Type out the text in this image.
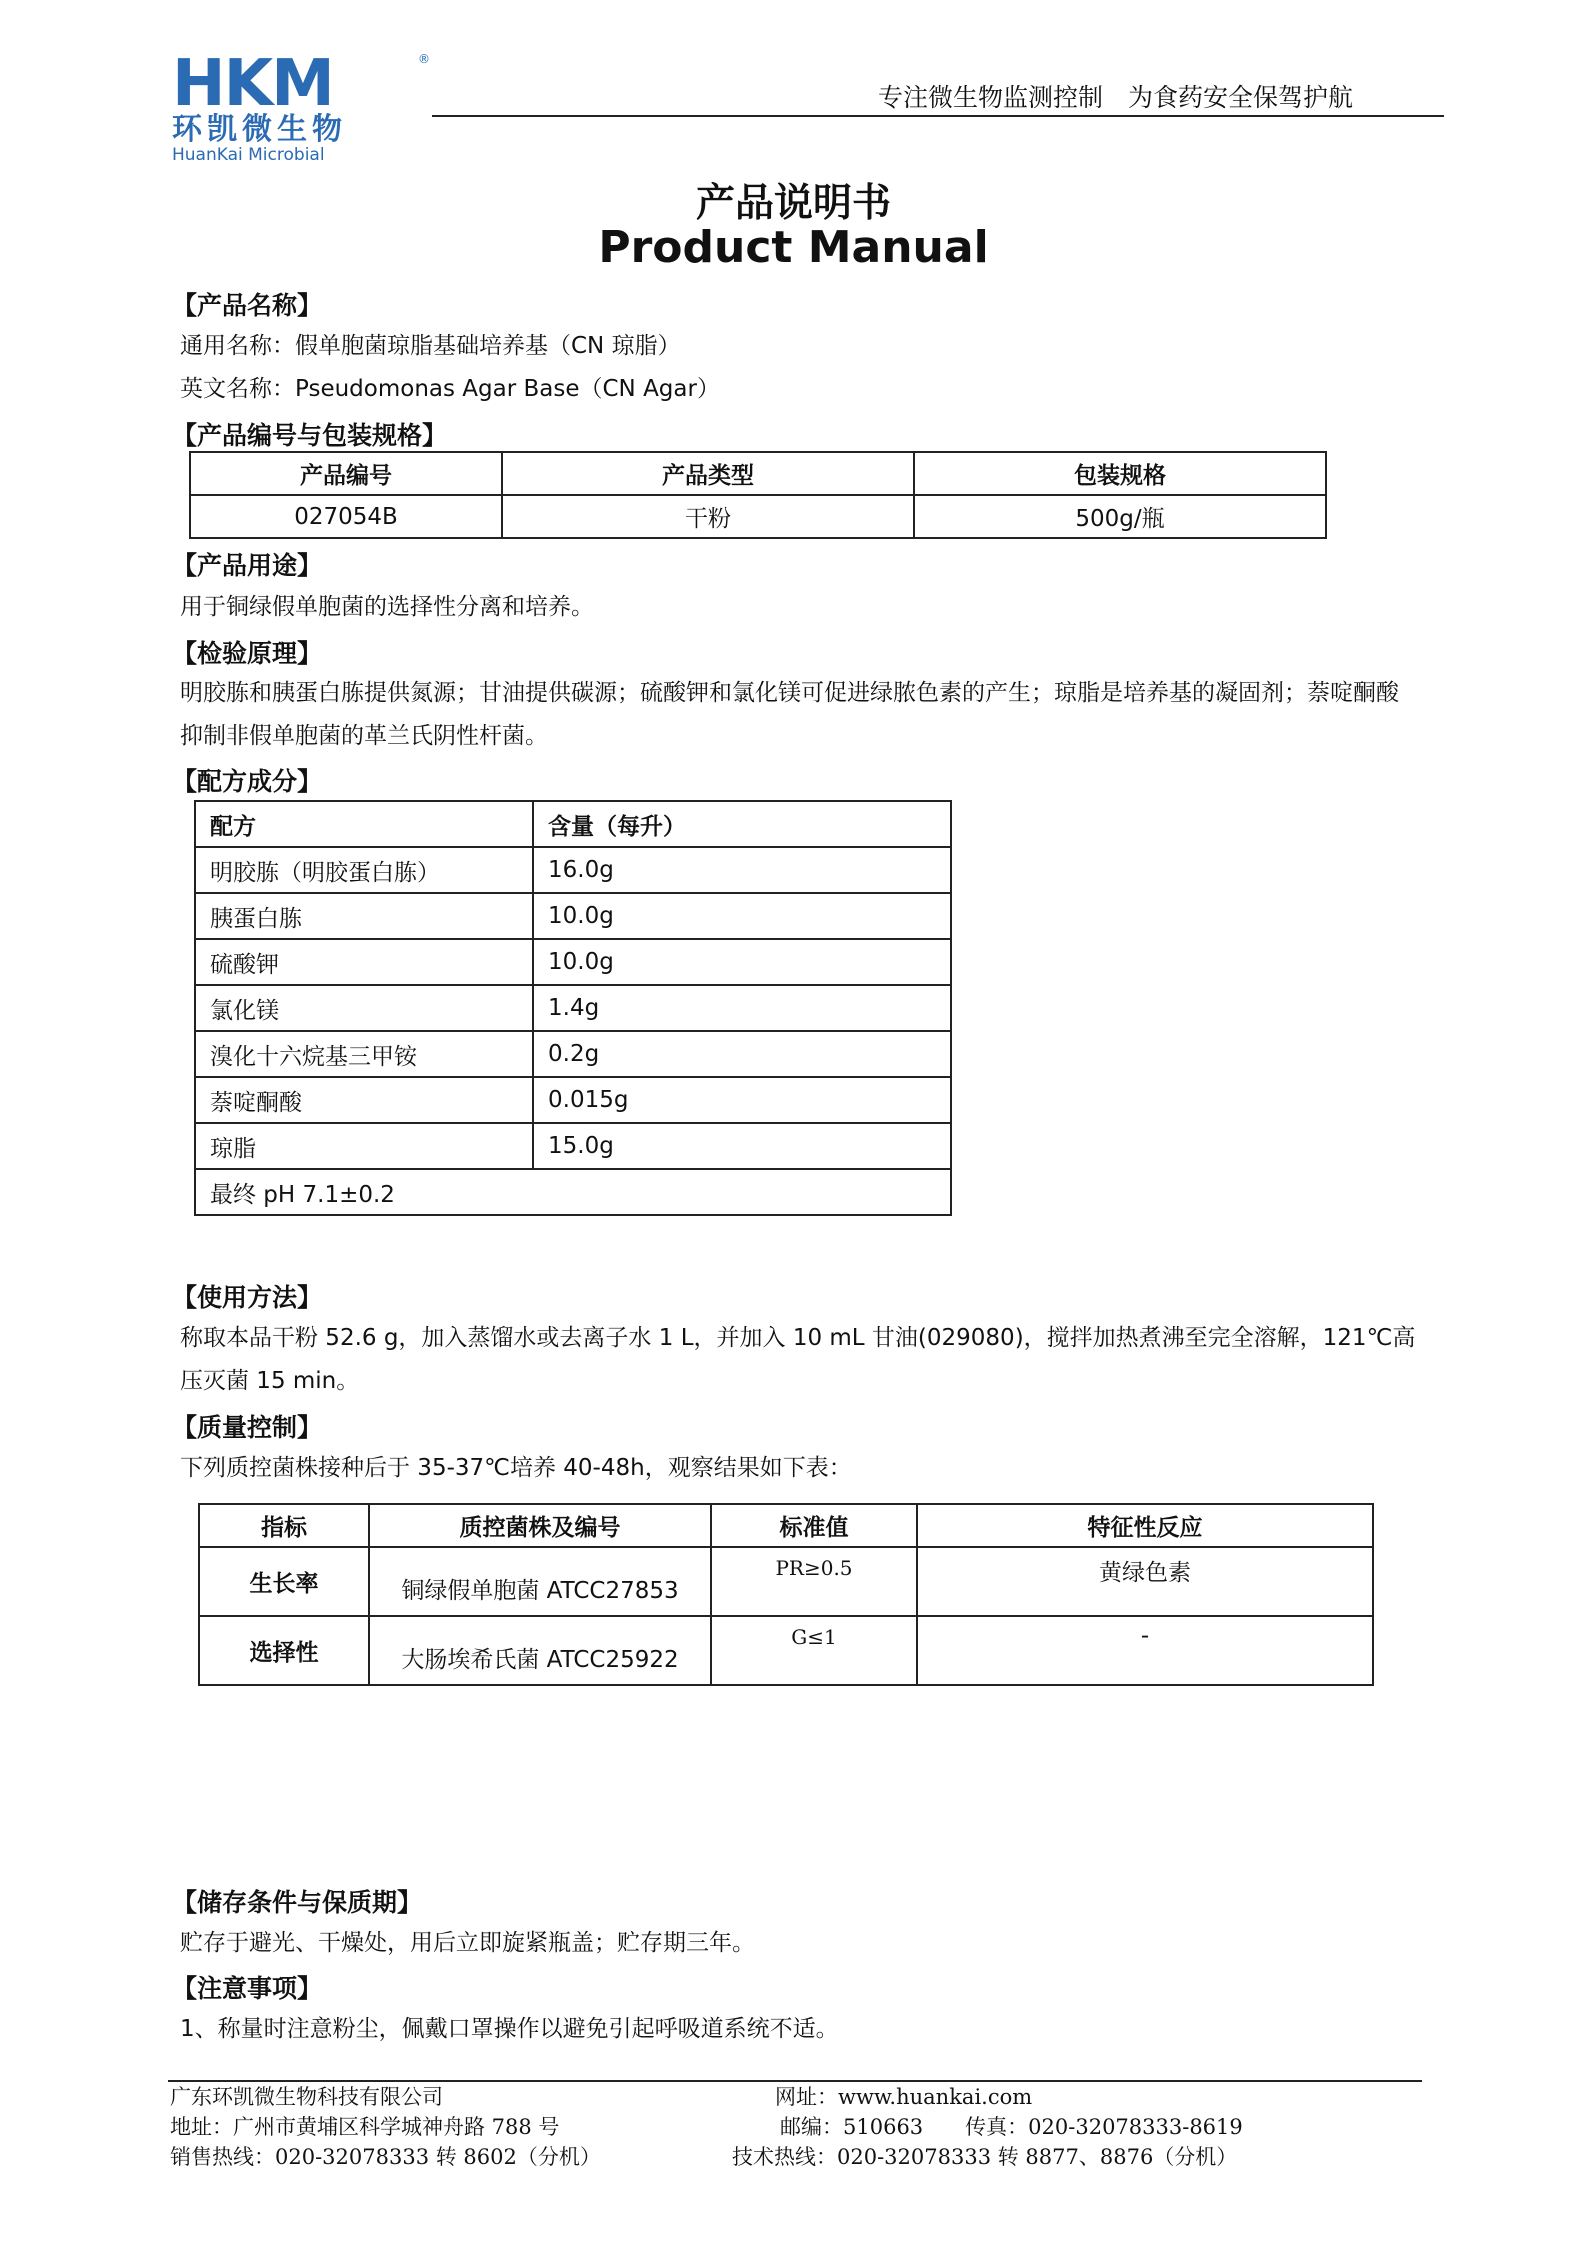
HKM	®
环凯微生物
HuanKai Microbial
专注微生物监测控制　为食药安全保驾护航
产品说明书
Product Manual
【产品名称】
通用名称：假单胞菌琼脂基础培养基（CN 琼脂）
英文名称：Pseudomonas Agar Base（CN Agar）
【产品编号与包装规格】
产品编号	产品类型	包装规格
027054B	干粉	500g/瓶
【产品用途】
用于铜绿假单胞菌的选择性分离和培养。
【检验原理】
明胶胨和胰蛋白胨提供氮源；甘油提供碳源；硫酸钾和氯化镁可促进绿脓色素的产生；琼脂是培养基的凝固剂；萘啶酮酸
抑制非假单胞菌的革兰氏阴性杆菌。
【配方成分】
配方	含量（每升）
明胶胨（明胶蛋白胨）	16.0g
胰蛋白胨	10.0g
硫酸钾	10.0g
氯化镁	1.4g
溴化十六烷基三甲铵	0.2g
萘啶酮酸	0.015g
琼脂	15.0g
最终 pH 7.1±0.2	
【使用方法】
称取本品干粉 52.6 g，加入蒸馏水或去离子水 1 L，并加入 10 mL 甘油(029080)，搅拌加热煮沸至完全溶解，121℃高
压灭菌 15 min。
【质量控制】
下列质控菌株接种后于 35-37℃培养 40-48h，观察结果如下表：
指标	质控菌株及编号	标准值	特征性反应
生长率	铜绿假单胞菌 ATCC27853	PR≥0.5	黄绿色素
选择性	大肠埃希氏菌 ATCC25922	G≤1	-
【储存条件与保质期】
贮存于避光、干燥处，用后立即旋紧瓶盖；贮存期三年。
【注意事项】
1、称量时注意粉尘，佩戴口罩操作以避免引起呼吸道系统不适。
广东环凯微生物科技有限公司
地址：广州市黄埔区科学城神舟路 788 号
销售热线：020-32078333 转 8602（分机）
网址：www.huankai.com
邮编：510663　　传真：020-32078333-8619
技术热线：020-32078333 转 8877、8876（分机）
